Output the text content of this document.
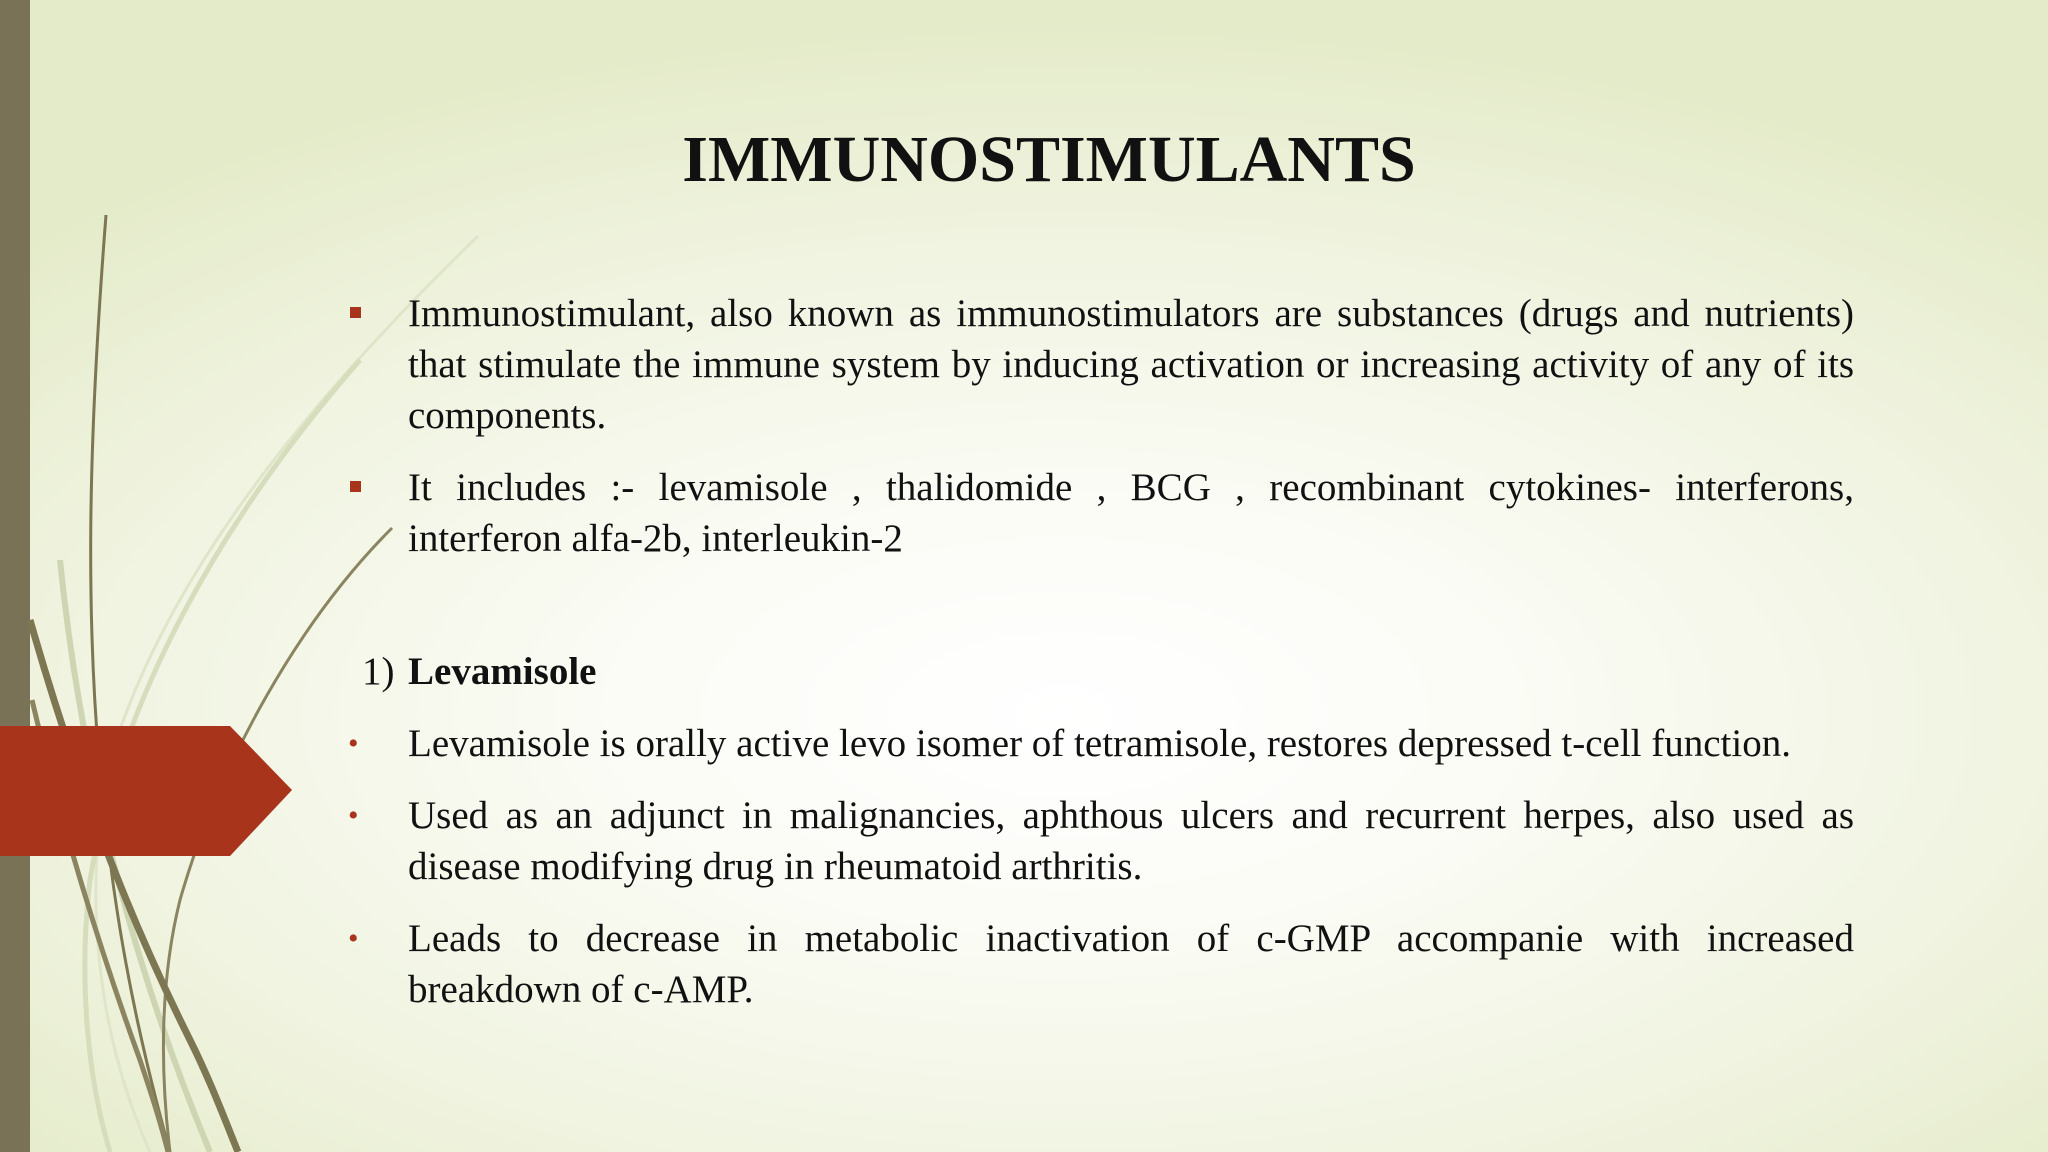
IMMUNOSTIMULANTS
Immunostimulant, also known as immunostimulators are substances (drugs and nutrients) that stimulate the immune system by inducing activation or increasing activity of any of its components.
It includes :- levamisole , thalidomide , BCG , recombinant cytokines- interferons, interferon alfa-2b, interleukin-2
1) Levamisole
• Levamisole is orally active levo isomer of tetramisole, restores depressed t-cell function.
• Used as an adjunct in malignancies, aphthous ulcers and recurrent herpes, also used as disease modifying drug in rheumatoid arthritis.
• Leads to decrease in metabolic inactivation of c-GMP accompanie with increased breakdown of c-AMP.
